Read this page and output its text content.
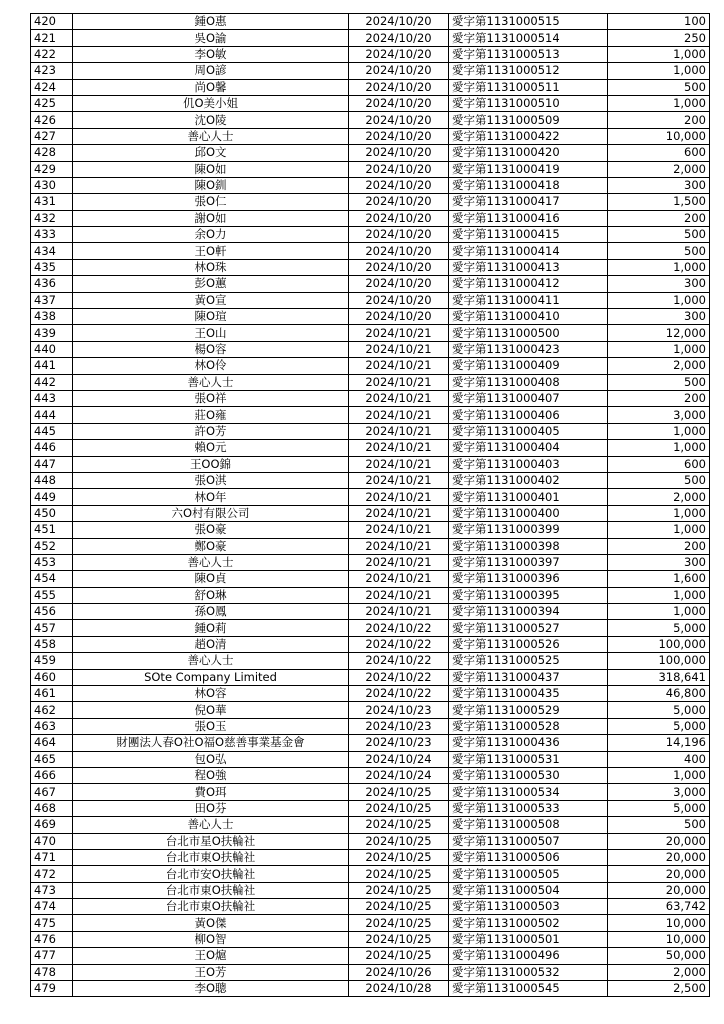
420	鍾O惠	2024/10/20	愛字第1131000515	100
421	吳O諭	2024/10/20	愛字第1131000514	250
422	李O敏	2024/10/20	愛字第1131000513	1,000
423	周O諺	2024/10/20	愛字第1131000512	1,000
424	尚O馨	2024/10/20	愛字第1131000511	500
425	仉O美小姐	2024/10/20	愛字第1131000510	1,000
426	沈O陵	2024/10/20	愛字第1131000509	200
427	善心人士	2024/10/20	愛字第1131000422	10,000
428	邱O文	2024/10/20	愛字第1131000420	600
429	陳O如	2024/10/20	愛字第1131000419	2,000
430	陳O釧	2024/10/20	愛字第1131000418	300
431	張O仁	2024/10/20	愛字第1131000417	1,500
432	謝O如	2024/10/20	愛字第1131000416	200
433	余O力	2024/10/20	愛字第1131000415	500
434	王O軒	2024/10/20	愛字第1131000414	500
435	林O珠	2024/10/20	愛字第1131000413	1,000
436	彭O蕙	2024/10/20	愛字第1131000412	300
437	黃O宣	2024/10/20	愛字第1131000411	1,000
438	陳O瑄	2024/10/20	愛字第1131000410	300
439	王O山	2024/10/21	愛字第1131000500	12,000
440	楊O容	2024/10/21	愛字第1131000423	1,000
441	林O伶	2024/10/21	愛字第1131000409	2,000
442	善心人士	2024/10/21	愛字第1131000408	500
443	張O祥	2024/10/21	愛字第1131000407	200
444	莊O雍	2024/10/21	愛字第1131000406	3,000
445	許O芳	2024/10/21	愛字第1131000405	1,000
446	賴O元	2024/10/21	愛字第1131000404	1,000
447	王OO錦	2024/10/21	愛字第1131000403	600
448	張O淇	2024/10/21	愛字第1131000402	500
449	林O年	2024/10/21	愛字第1131000401	2,000
450	六O村有限公司	2024/10/21	愛字第1131000400	1,000
451	張O豪	2024/10/21	愛字第1131000399	1,000
452	鄭O豪	2024/10/21	愛字第1131000398	200
453	善心人士	2024/10/21	愛字第1131000397	300
454	陳O貞	2024/10/21	愛字第1131000396	1,600
455	舒O琳	2024/10/21	愛字第1131000395	1,000
456	孫O鳳	2024/10/21	愛字第1131000394	1,000
457	鍾O莉	2024/10/22	愛字第1131000527	5,000
458	趙O清	2024/10/22	愛字第1131000526	100,000
459	善心人士	2024/10/22	愛字第1131000525	100,000
460	SOte Company Limited	2024/10/22	愛字第1131000437	318,641
461	林O容	2024/10/22	愛字第1131000435	46,800
462	倪O華	2024/10/23	愛字第1131000529	5,000
463	張O玉	2024/10/23	愛字第1131000528	5,000
464	財團法人春O社O福O慈善事業基金會	2024/10/23	愛字第1131000436	14,196
465	包O弘	2024/10/24	愛字第1131000531	400
466	程O強	2024/10/24	愛字第1131000530	1,000
467	費O珥	2024/10/25	愛字第1131000534	3,000
468	田O芬	2024/10/25	愛字第1131000533	5,000
469	善心人士	2024/10/25	愛字第1131000508	500
470	台北市星O扶輪社	2024/10/25	愛字第1131000507	20,000
471	台北市東O扶輪社	2024/10/25	愛字第1131000506	20,000
472	台北市安O扶輪社	2024/10/25	愛字第1131000505	20,000
473	台北市東O扶輪社	2024/10/25	愛字第1131000504	20,000
474	台北市東O扶輪社	2024/10/25	愛字第1131000503	63,742
475	黃O傑	2024/10/25	愛字第1131000502	10,000
476	柳O智	2024/10/25	愛字第1131000501	10,000
477	王O熩	2024/10/25	愛字第1131000496	50,000
478	王O芳	2024/10/26	愛字第1131000532	2,000
479	李O聰	2024/10/28	愛字第1131000545	2,500
